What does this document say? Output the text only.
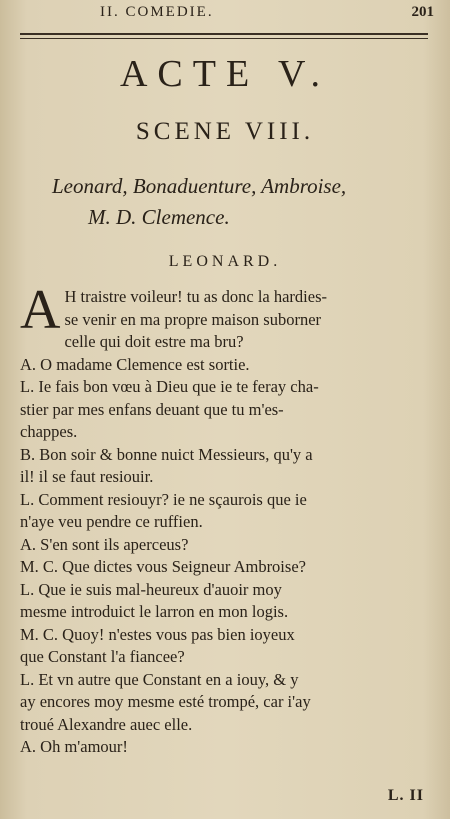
II. COMEDIE.	201
ACTE V.
SCENE VIII.
Leonard, Bonaduenture, Ambroise,
M. D. Clemence.
LEONARD.
A H traistre voileur! tu as donc la hardies-
se venir en ma propre maison suborner
celle qui doit estre ma bru?
A. O madame Clemence est sortie.
L. Ie fais bon vœu à Dieu que ie te feray cha-
stier par mes enfans deuant que tu m'es-
chappes.
B. Bon soir & bonne nuict Messieurs, qu'y a
il! il se faut resiouir.
L. Comment resiouyr? ie ne sçaurois que ie
n'aye veu pendre ce ruffien.
A. S'en sont ils aperceus?
M. C. Que dictes vous Seigneur Ambroise?
L. Que ie suis mal-heureux d'auoir moy
mesme introduict le larron en mon logis.
M. C. Quoy! n'estes vous pas bien ioyeux
que Constant l'a fiancee?
L. Et vn autre que Constant en a iouy, & y
ay encores moy mesme esté trompé, car i'ay
troué Alexandre auec elle.
A. Oh m'amour!
L. II
